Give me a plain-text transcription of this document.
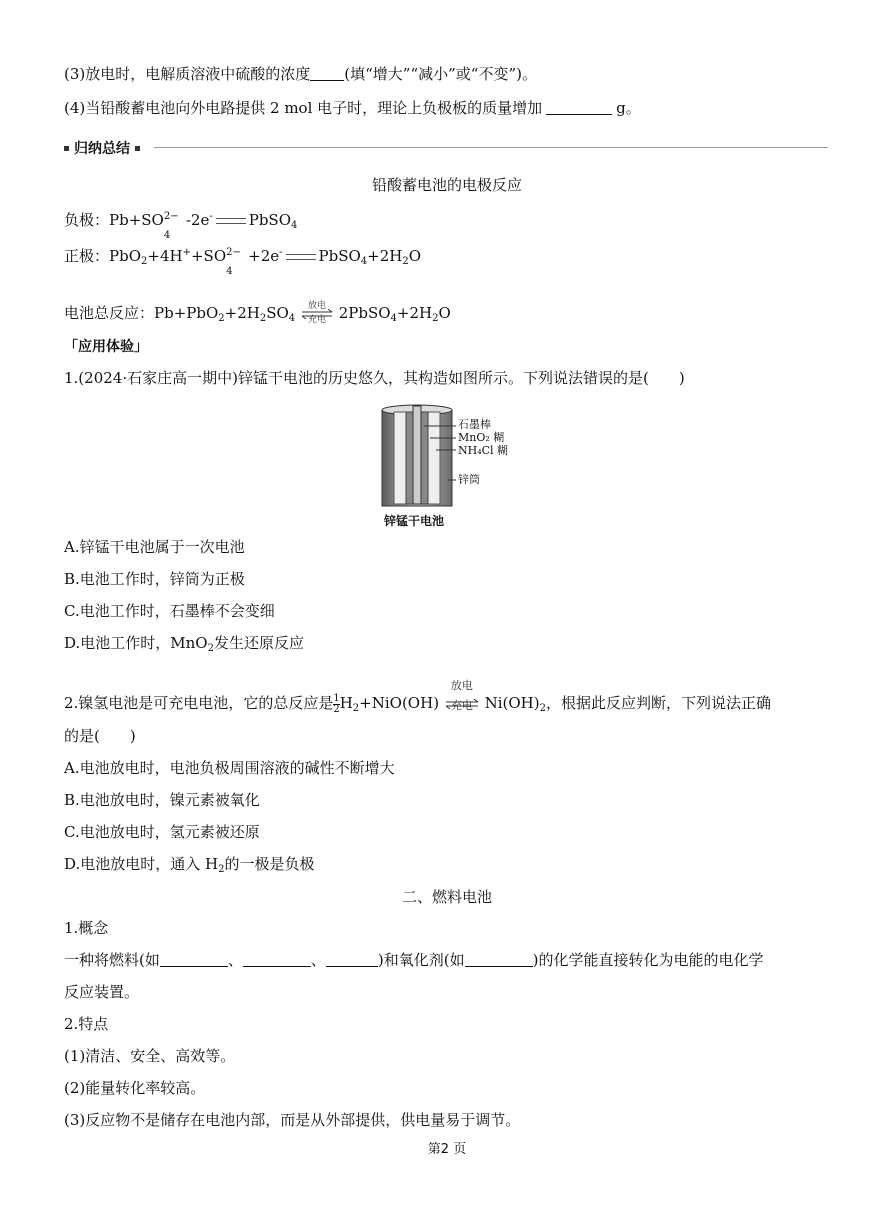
(3)放电时，电解质溶液中硫酸的浓度 (填“增大”“减小”或“不变”)。
(4)当铅酸蓄电池向外电路提供 2 mol 电子时，理论上负极板的质量增加	g。
归纳总结
铅酸蓄电池的电极反应
负极：$Pb+SO^{2-}$
4
-2e- PbSO$_4$
正极：$PbO_2+4H^++SO^{2-}$
4
+2e- $PbSO_4+2H_2O$
电池总反应：$Pb+PbO_2+2H_2SO_4$
放电
充电 $2PbSO_4+2H_2O$
「应用体验」
1.(2024·石家庄高一期中)锌锰干电池的历史悠久，其构造如图所示。下列说法错误的是(　　)
石墨棒
MnO₂ 糊
NH₄Cl 糊
锌筒
锌锰干电池
A.锌锰干电池属于一次电池
B.电池工作时，锌筒为正极
C.电池工作时，石墨棒不会变细
D.电池工作时，MnO$_2$发生还原反应
2.镍氢电池是可充电电池，它的总反应是 $\frac{1}{2} H_2+NiO(OH)$
放电
充电 $Ni(OH)_2$，根据此反应判断，下列说法正确
的是(　　)
A.电池放电时，电池负极周围溶液的碱性不断增大
B.电池放电时，镍元素被氧化
C.电池放电时，氢元素被还原
D.电池放电时，通入 $H_2$的一极是负极
二、燃料电池
1.概念
一种将燃料(如	、	、	)和氧化剂(如	)的化学能直接转化为电能的电化学
反应装置。
2.特点
(1)清洁、安全、高效等。
(2)能量转化率较高。
(3)反应物不是储存在电池内部，而是从外部提供，供电量易于调节。
第2 页
